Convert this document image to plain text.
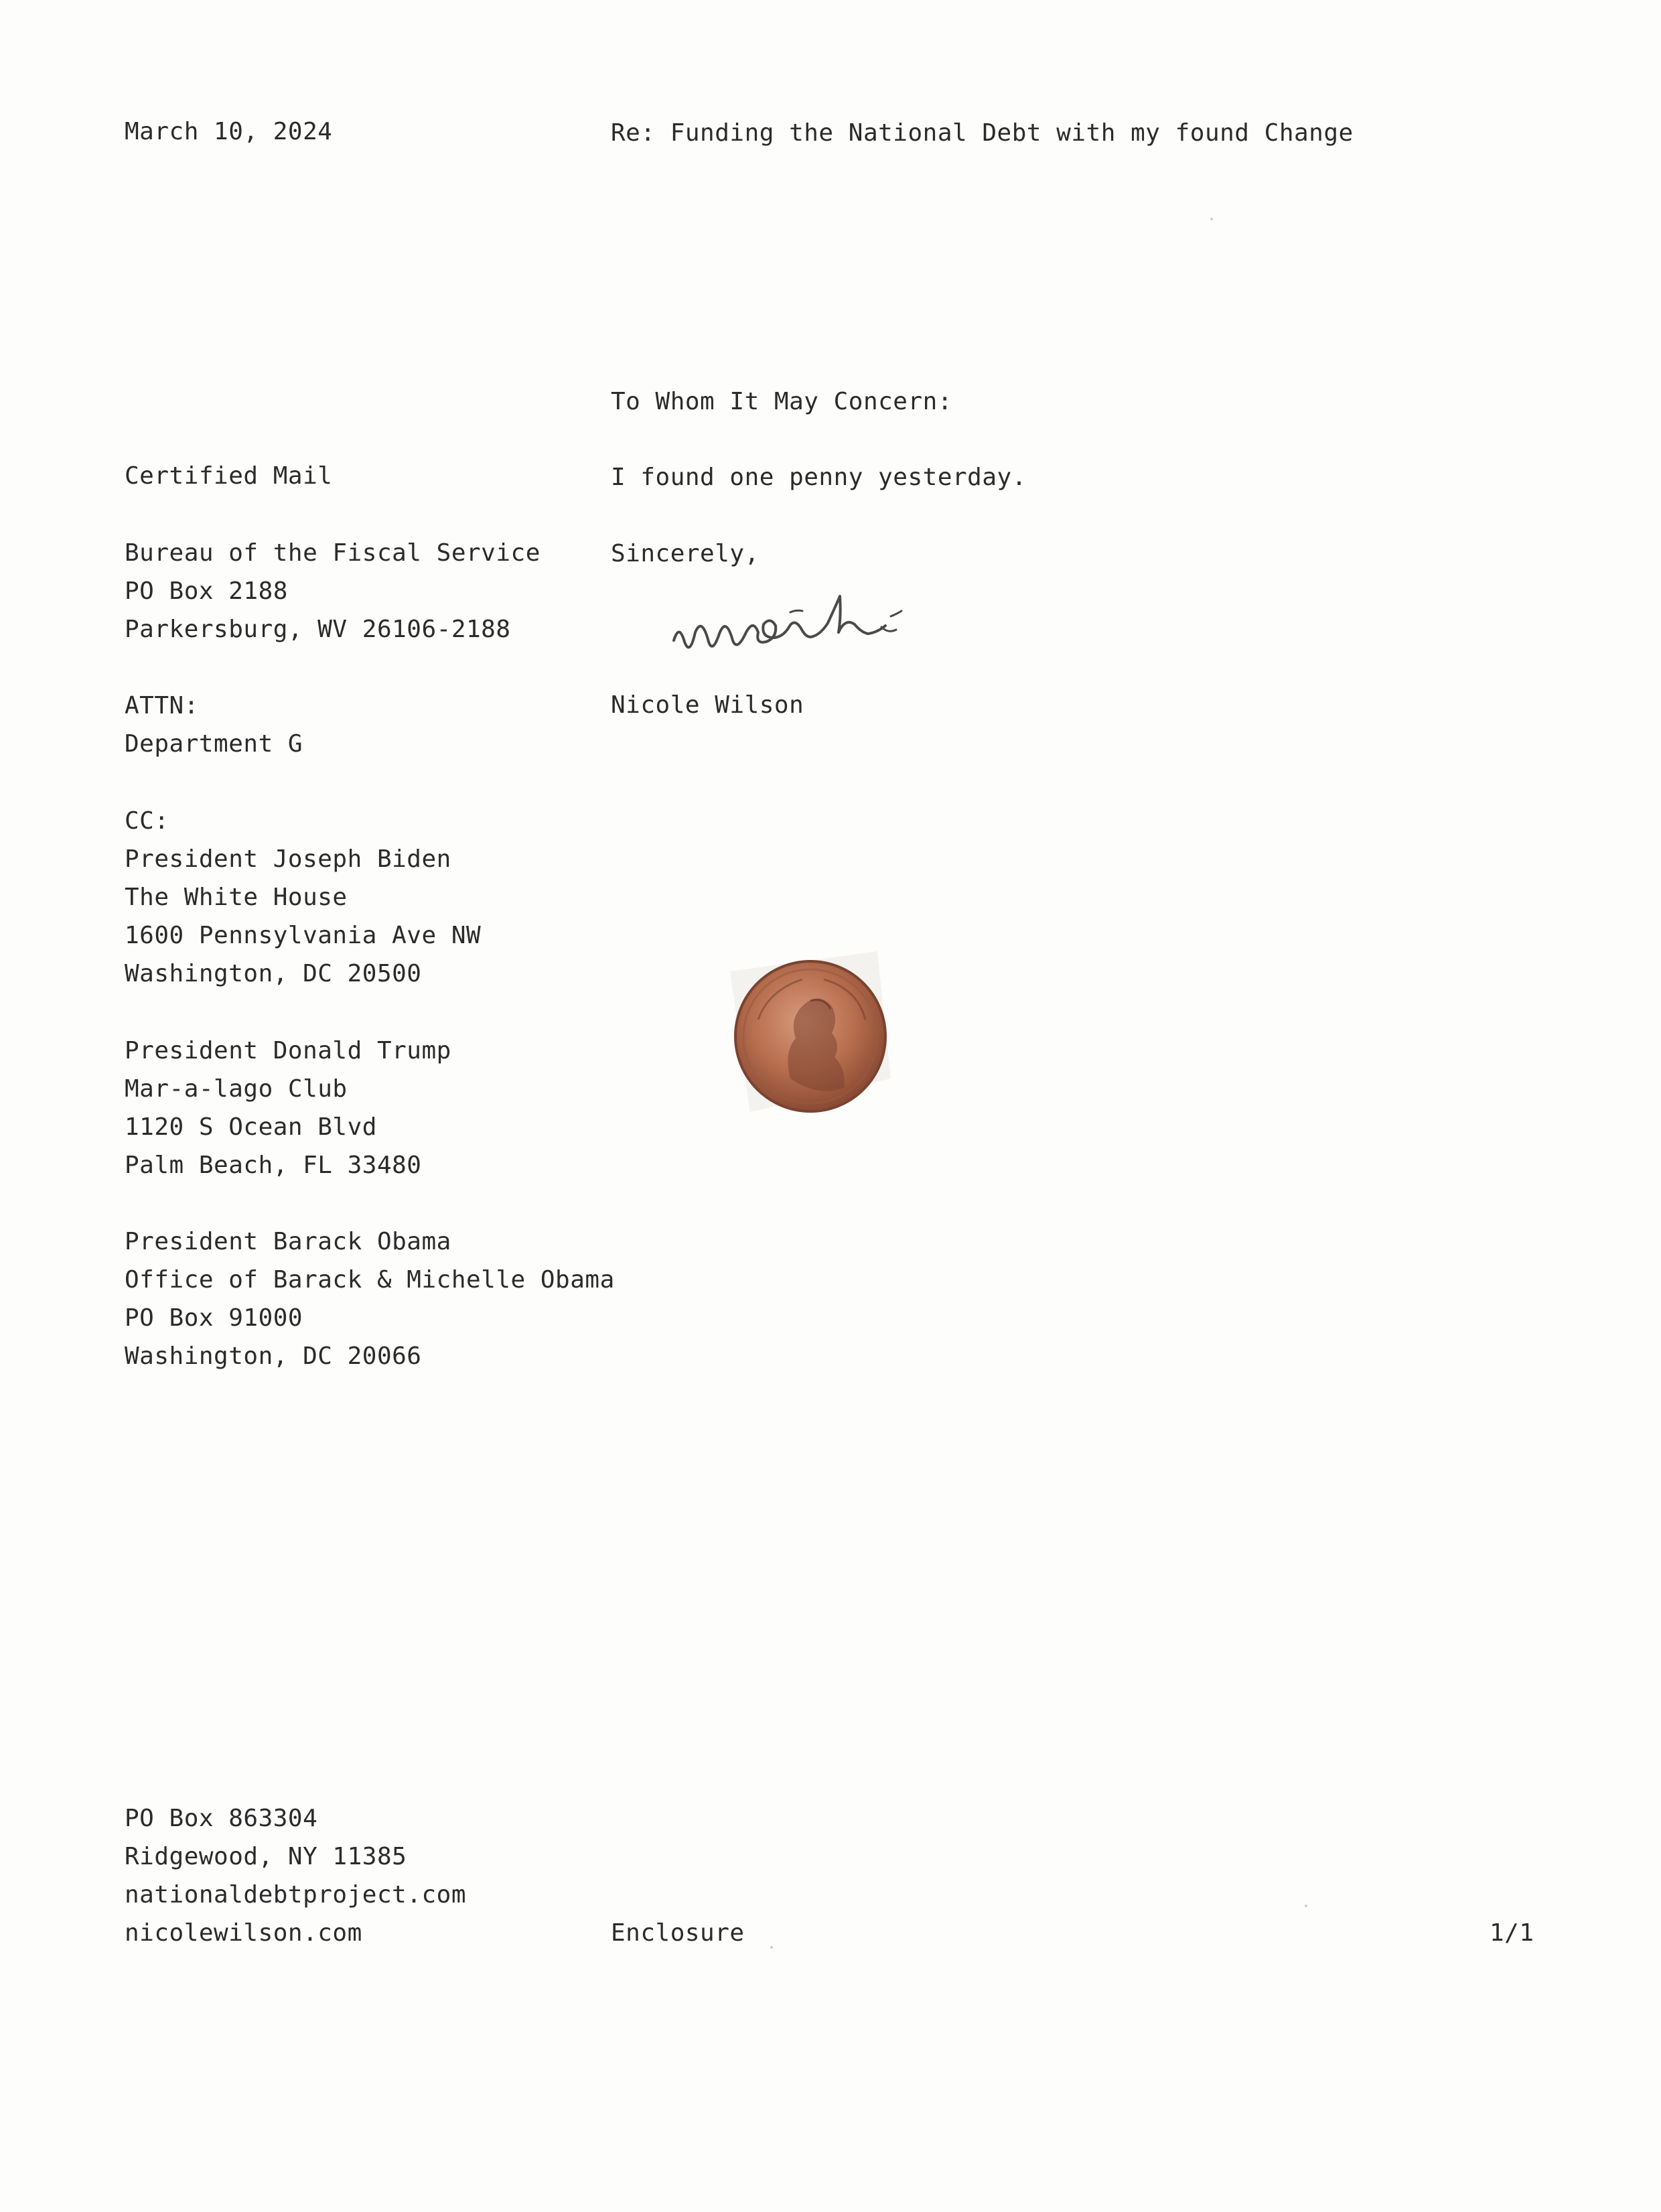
March 10, 2024	Re: Funding the National Debt with my found Change
To Whom It May Concern:
I found one penny yesterday.
Sincerely,
Nicole Wilson
Certified Mail
Bureau of the Fiscal Service
PO Box 2188
Parkersburg, WV 26106-2188
ATTN:
Department G
CC:
President Joseph Biden
The White House
1600 Pennsylvania Ave NW
Washington, DC 20500
President Donald Trump
Mar-a-lago Club
1120 S Ocean Blvd
Palm Beach, FL 33480
President Barack Obama
Office of Barack & Michelle Obama
PO Box 91000
Washington, DC 20066
PO Box 863304
Ridgewood, NY 11385
nationaldebtproject.com
nicolewilson.com	Enclosure	1/1
